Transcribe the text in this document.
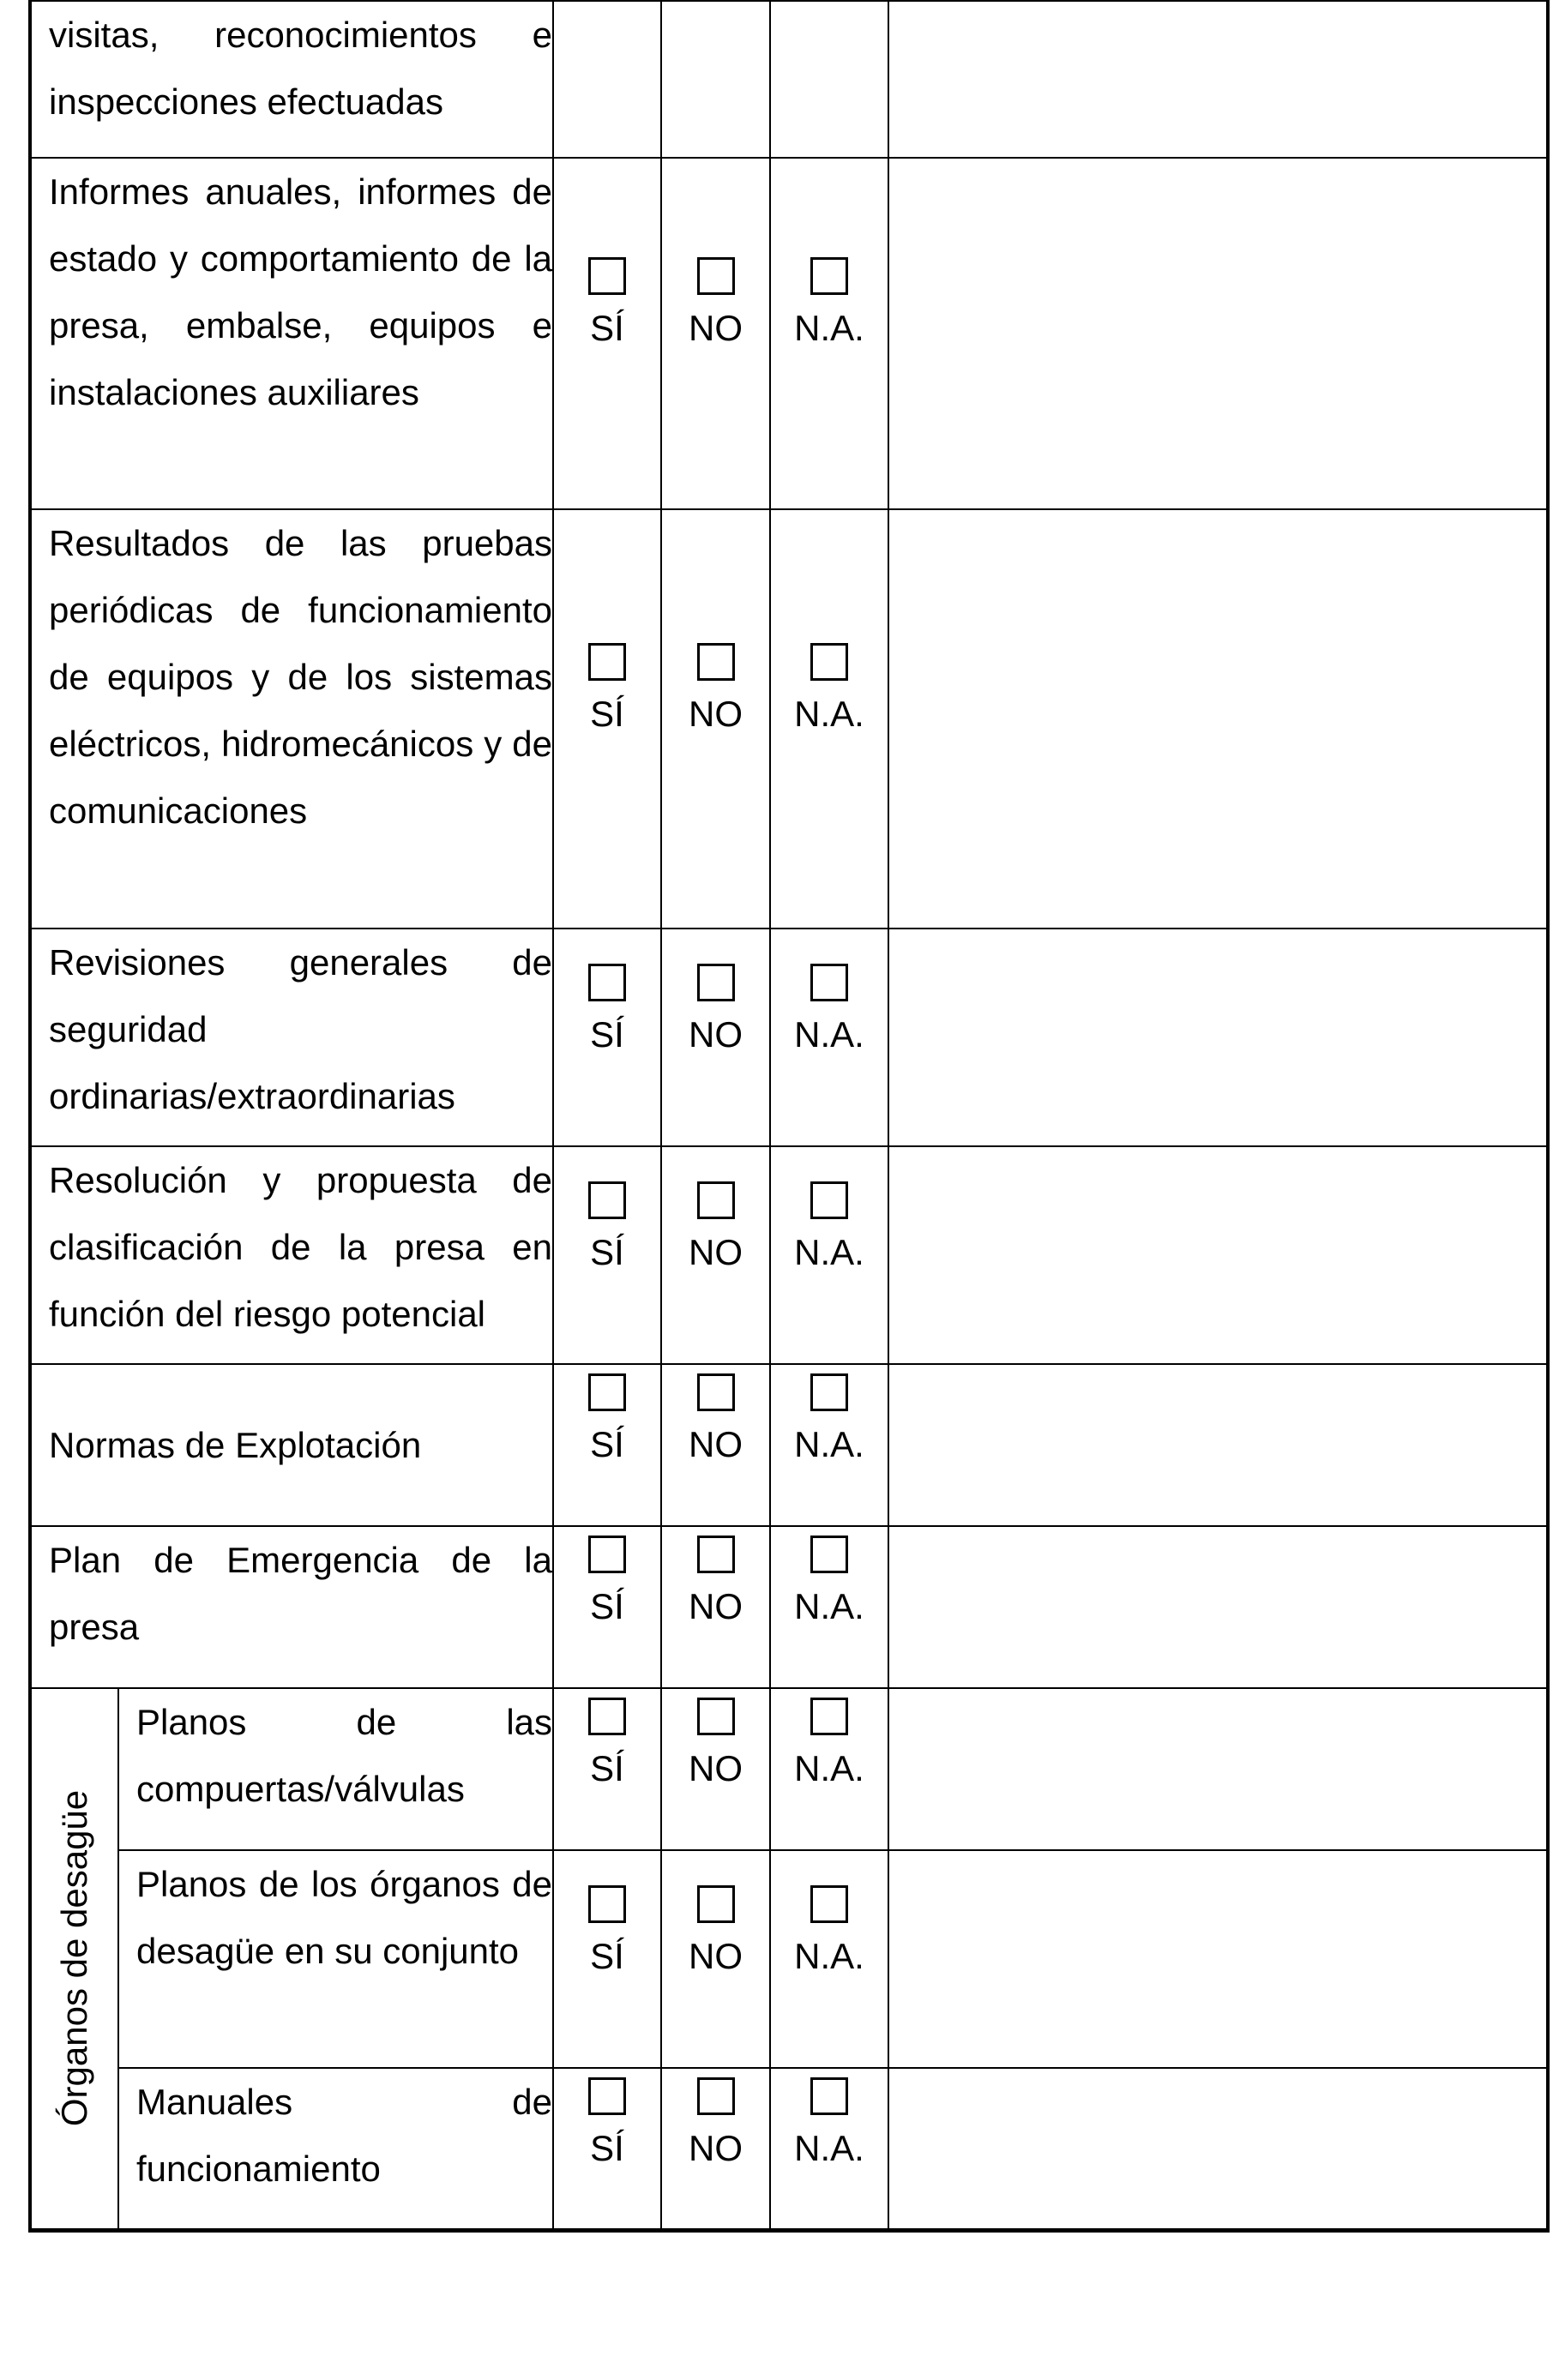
visitas, reconocimientos e inspecciones efectuadas					
Informes anuales, informes de estado y comportamiento de la presa, embalse, equipos e instalaciones auxiliares		SÍ	NO	N.A.	

Resultados de las pruebas periódicas de funcionamiento de equipos y de los sistemas eléctricos, hidromecánicos y de comunicaciones		SÍ	NO	N.A.	

Revisiones generales de seguridad ordinarias/extraordinarias		SÍ	NO	N.A.	

Resolución y propuesta de clasificación de la presa en función del riesgo potencial		SÍ	NO	N.A.	

Normas de Explotación		SÍ	NO	N.A.	

Plan de Emergencia de la presa		SÍ	NO	N.A.	

Órganos de desagüe	Planos de las compuertas/válvulas	SÍ	NO	N.A.	

	Planos de los órganos de desagüe en su conjunto	SÍ	NO	N.A.	

	Manuales de funcionamiento	SÍ	NO	N.A.	
